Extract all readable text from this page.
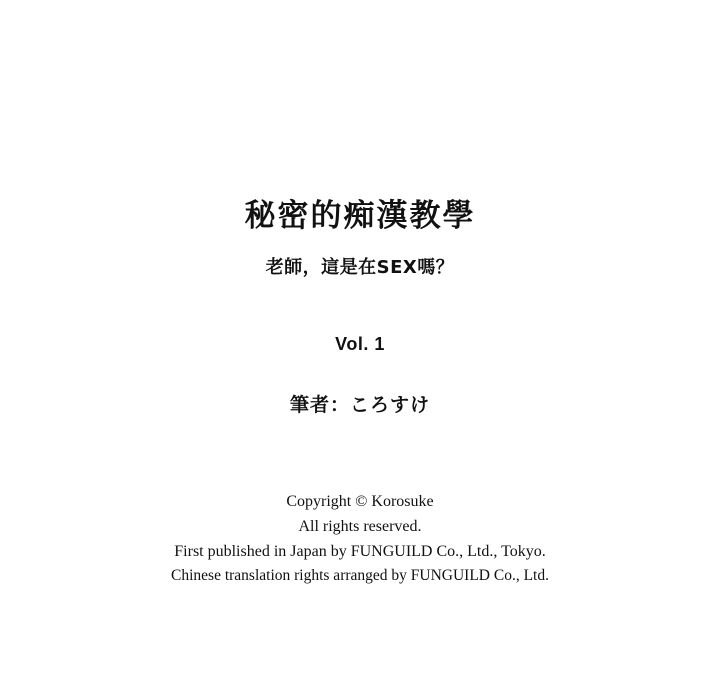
秘密的痴漢教學
老師，這是在SEX嗎？
Vol. 1
筆者：ころすけ

Copyright © Korosuke

All rights reserved.

First published in Japan by FUNGUILD Co., Ltd., Tokyo.

Chinese translation rights arranged by FUNGUILD Co., Ltd.
